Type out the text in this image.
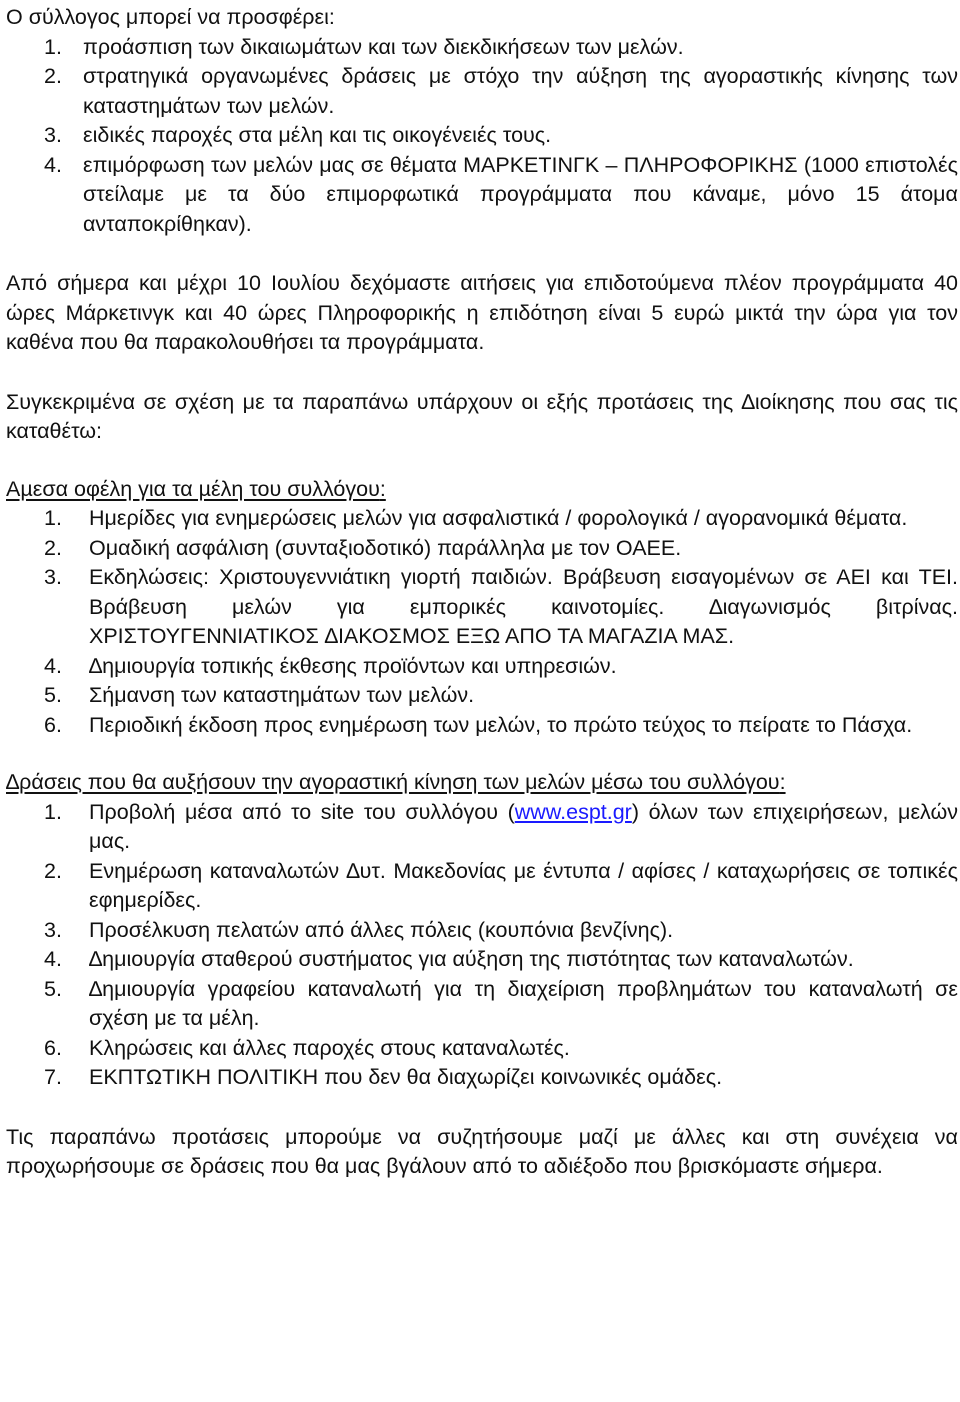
Ο σύλλογος μπορεί να προσφέρει:

1. προάσπιση των δικαιωμάτων και των διεκδικήσεων των μελών.
2. στρατηγικά οργανωμένες δράσεις με στόχο την αύξηση της αγοραστικής κίνησης των καταστημάτων των μελών.
3. ειδικές παροχές στα μέλη και τις οικογένειές τους.
4. επιμόρφωση των μελών μας σε θέματα ΜΑΡΚΕΤΙΝΓΚ – ΠΛΗΡΟΦΟΡΙΚΗΣ (1000 επιστολές στείλαμε με τα δύο επιμορφωτικά προγράμματα που κάναμε, μόνο 15 άτομα ανταποκρίθηκαν).

Από σήμερα και μέχρι 10 Ιουλίου δεχόμαστε αιτήσεις για επιδοτούμενα πλέον προγράμματα 40 ώρες Μάρκετινγκ και 40 ώρες Πληροφορικής η επιδότηση είναι 5 ευρώ μικτά την ώρα για τον καθένα που θα παρακολουθήσει τα προγράμματα.

Συγκεκριμένα σε σχέση με τα παραπάνω υπάρχουν οι εξής προτάσεις της ∆ιοίκησης που σας τις καταθέτω:

Αµεσα οφέλη για τα µέλη του συλλόγου:

1.	Ημερίδες για ενημερώσεις μελών για ασφαλιστικά / φορολογικά / αγορανομικά θέματα.
2.	Ομαδική ασφάλιση (συνταξιοδοτικό) παράλληλα με τον ΟΑΕΕ.
3.	Εκδηλώσεις: Χριστουγεννιάτικη γιορτή παιδιών. Βράβευση εισαγομένων σε ΑΕΙ και ΤΕΙ. Βράβευση μελών για εμπορικές καινοτομίες. ∆ιαγωνισμός βιτρίνας. ΧΡΙΣΤΟΥΓΕΝΝΙΑΤΙΚΟΣ ∆ΙΑΚΟΣΜΟΣ ΕΞΩ ΑΠΟ ΤΑ ΜΑΓΑΖΙΑ ΜΑΣ.
4.	∆ημιουργία τοπικής έκθεσης προϊόντων και υπηρεσιών.
5.	Σήμανση των καταστημάτων των μελών.
6.	Περιοδική έκδοση προς ενημέρωση των μελών, το πρώτο τεύχος το πείρατε το Πάσχα.

∆ράσεις που θα αυξήσουν την αγοραστική κίνηση των μελών μέσω του συλλόγου:

1.	Προβολή μέσα από το site του συλλόγου (www.espt.gr) όλων των επιχειρήσεων, μελών μας.
2.	Ενημέρωση καταναλωτών ∆υτ. Μακεδονίας με έντυπα / αφίσες / καταχωρήσεις σε τοπικές εφημερίδες.
3.	Προσέλκυση πελατών από άλλες πόλεις (κουπόνια βενζίνης).
4.	∆ημιουργία σταθερού συστήματος για αύξηση της πιστότητας των καταναλωτών.
5.	∆ημιουργία γραφείου καταναλωτή για τη διαχείριση προβλημάτων του καταναλωτή σε σχέση με τα μέλη.
6.	Κληρώσεις και άλλες παροχές στους καταναλωτές.
7.	ΕΚΠΤΩΤΙΚΗ ΠΟΛΙΤΙΚΗ που δεν θα διαχωρίζει κοινωνικές ομάδες.

Τις παραπάνω προτάσεις μπορούμε να συζητήσουμε μαζί με άλλες και στη συνέχεια να προχωρήσουμε σε δράσεις που θα μας βγάλουν από το αδιέξοδο που βρισκόμαστε σήμερα.
